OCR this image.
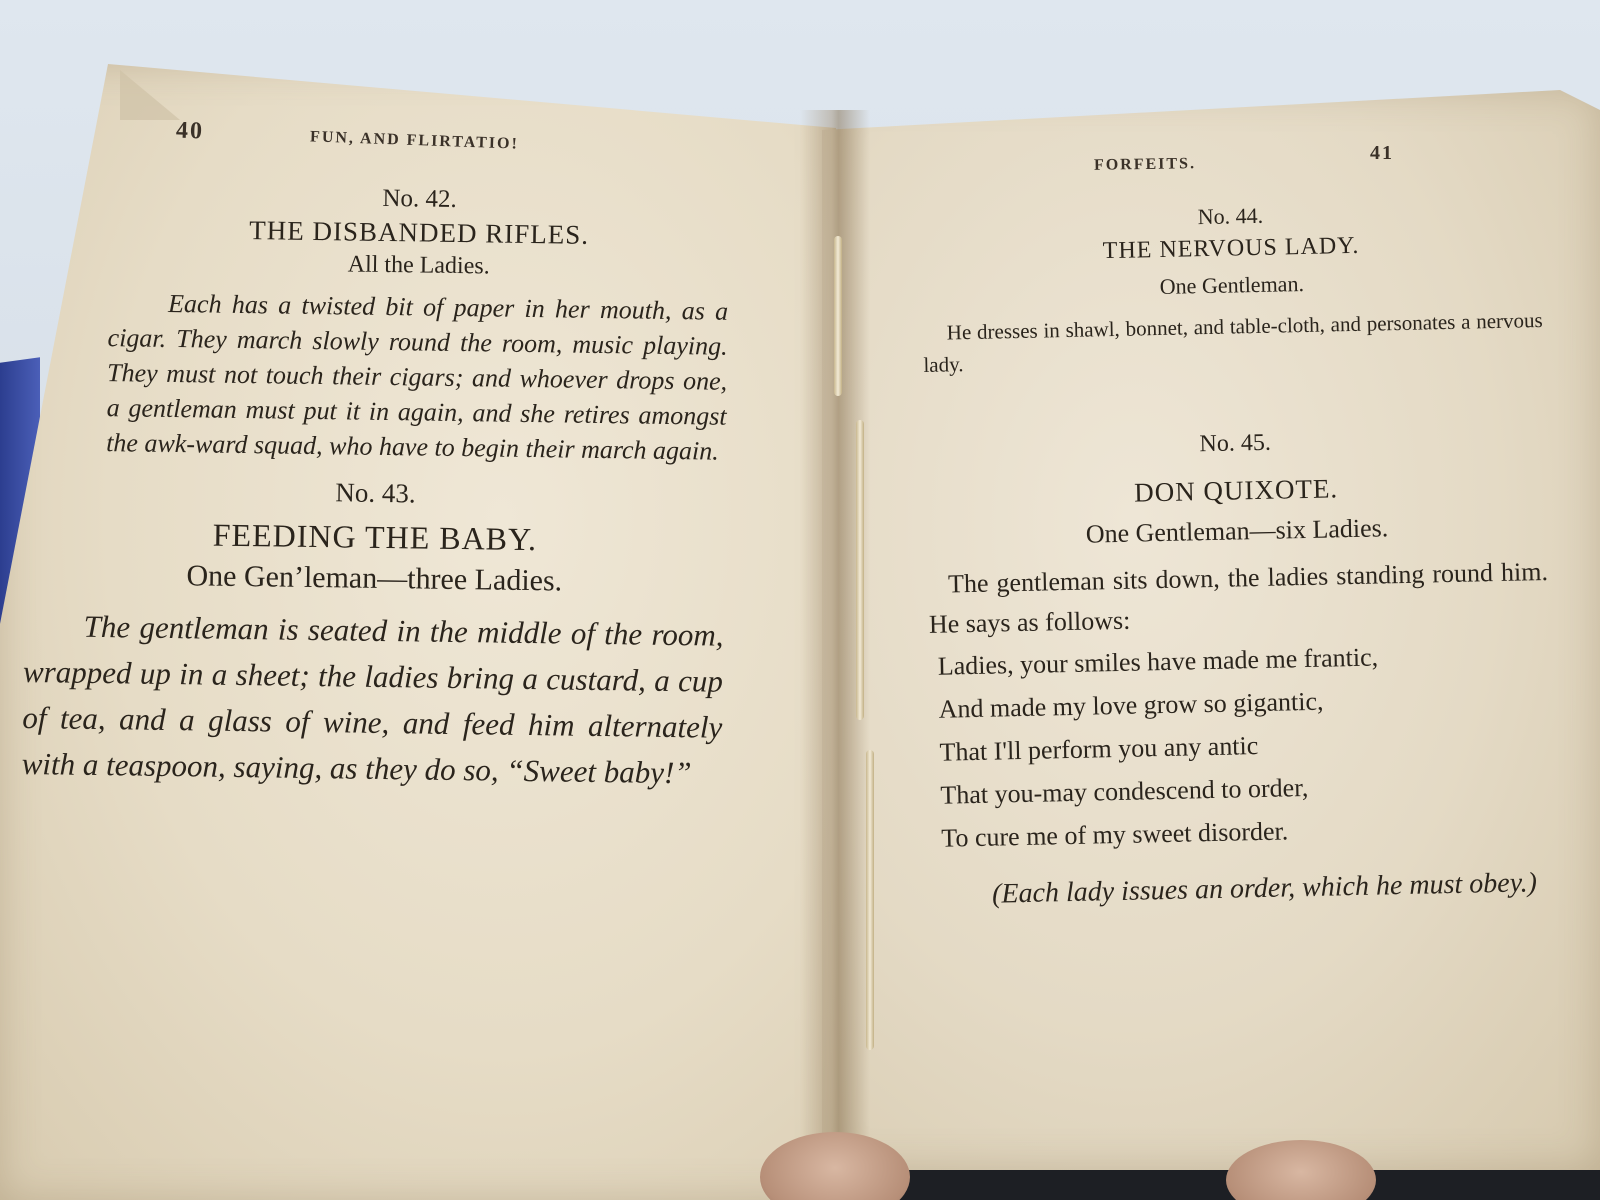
40	FUN, AND FLIRTATIO!
FORFEITS.
41
No. 42.
THE DISBANDED RIFLES.
All the Ladies.

Each has a twisted bit of paper in her mouth, as a cigar. They march slowly round the room, music playing. They must not touch their cigars; and whoever drops one, a gentleman must put it in again, and she retires amongst the awk-ward squad, who have to begin their march again.

No. 43.
FEEDING THE BABY.
One Gen’leman—three Ladies.

The gentleman is seated in the middle of the room, wrapped up in a sheet; the ladies bring a custard, a cup of tea, and a glass of wine, and feed him alternately with a teaspoon, saying, as they do so, “Sweet baby!”

No. 44.
THE NERVOUS LADY.
One Gentleman.

He dresses in shawl, bonnet, and table-cloth, and personates a nervous lady.

No. 45.
DON QUIXOTE.
One Gentleman—six Ladies.

The gentleman sits down, the ladies standing round him. He says as follows:

Ladies, your smiles have made me frantic,

And made my love grow so gigantic,

That I'll perform you any antic

That you-may condescend to order,

To cure me of my sweet disorder.

(Each lady issues an order, which he must obey.)
